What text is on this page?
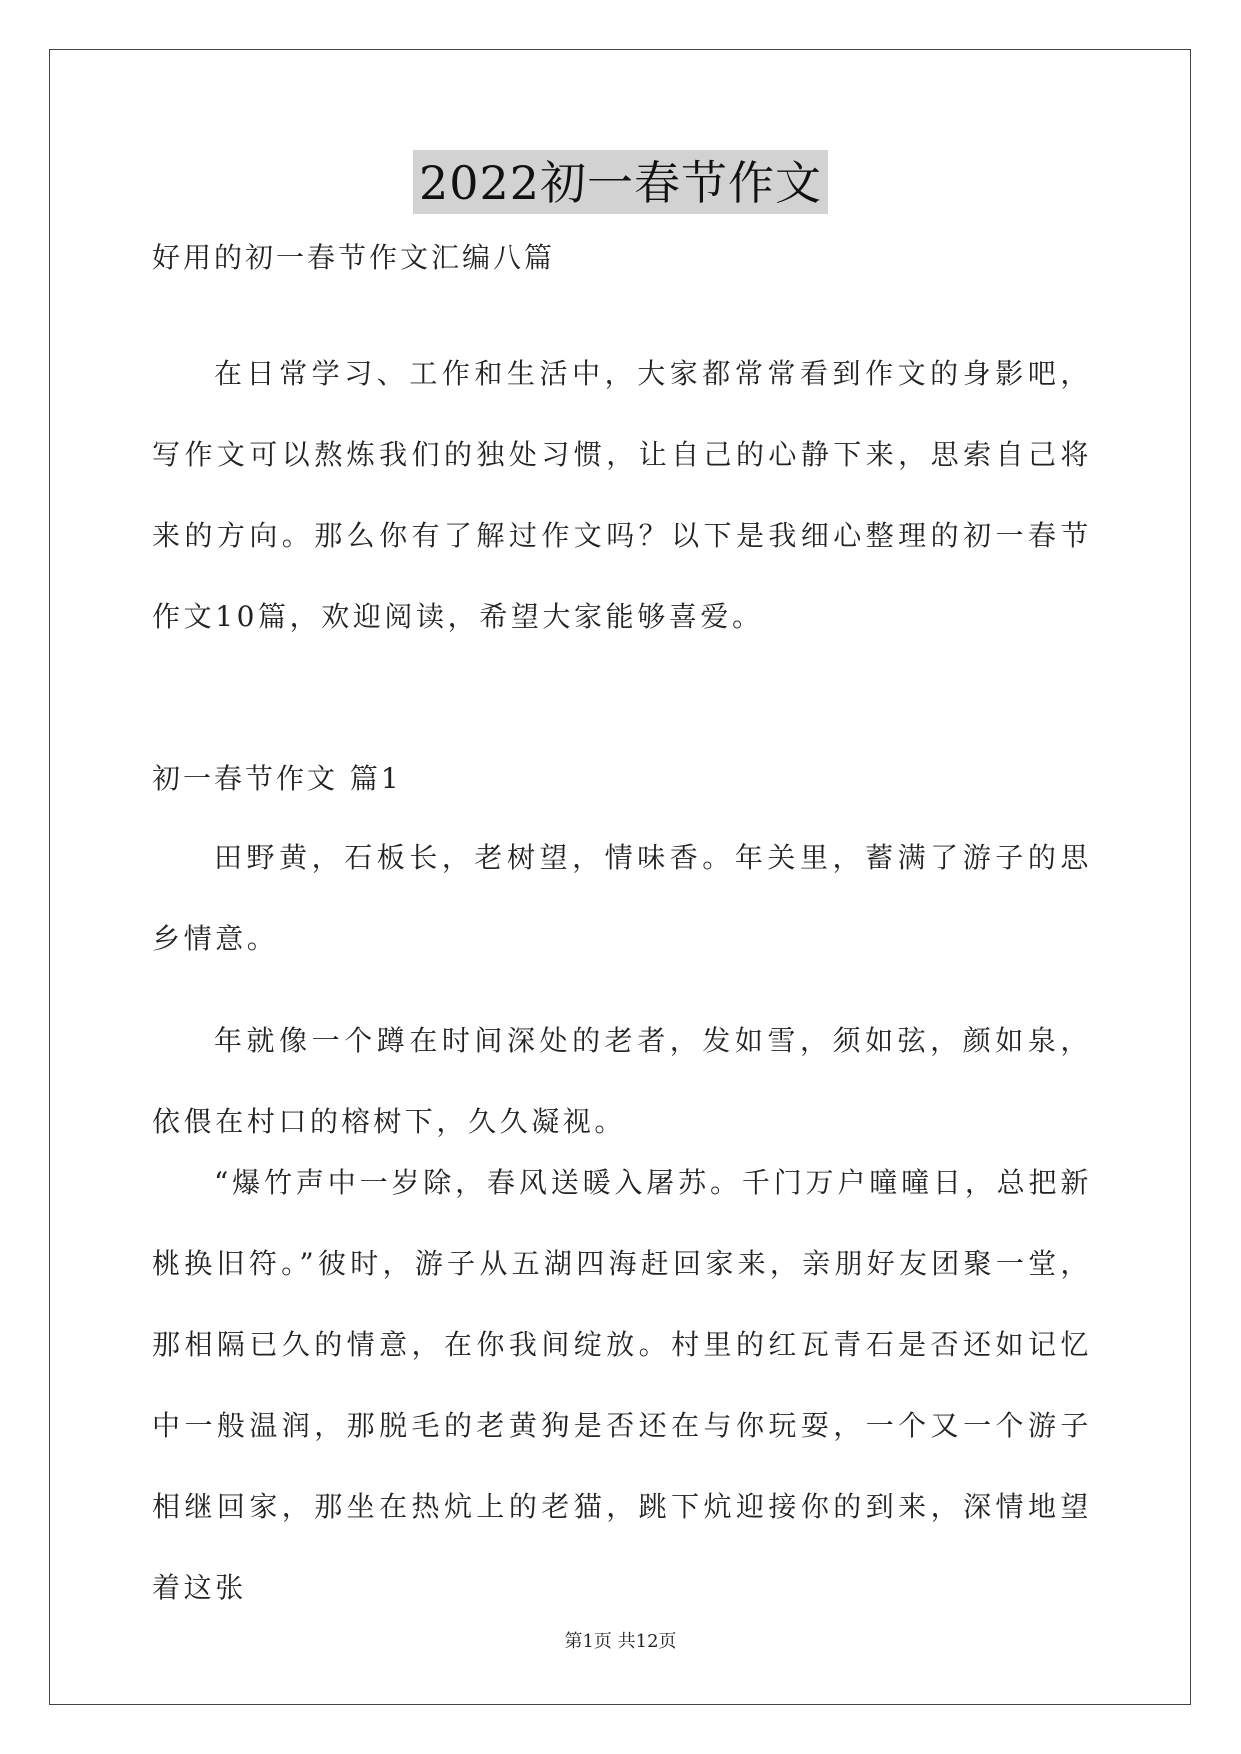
2022初一春节作文
好用的初一春节作文汇编八篇

在日常学习、工作和生活中，大家都常常看到作文的身影吧，写作文可以熬炼我们的独处习惯，让自己的心静下来，思索自己将来的方向。那么你有了解过作文吗？以下是我细心整理的初一春节作文10篇，欢迎阅读，希望大家能够喜爱。

初一春节作文 篇1

田野黄，石板长，老树望，情味香。年关里，蓄满了游子的思乡情意。

年就像一个蹲在时间深处的老者，发如雪，须如弦，颜如泉，依偎在村口的榕树下，久久凝视。

“爆竹声中一岁除，春风送暖入屠苏。千门万户曈曈日，总把新桃换旧符。”彼时，游子从五湖四海赶回家来，亲朋好友团聚一堂，那相隔已久的情意，在你我间绽放。村里的红瓦青石是否还如记忆中一般温润，那脱毛的老黄狗是否还在与你玩耍，一个又一个游子相继回家，那坐在热炕上的老猫，跳下炕迎接你的到来，深情地望着这张

第1页 共12页
